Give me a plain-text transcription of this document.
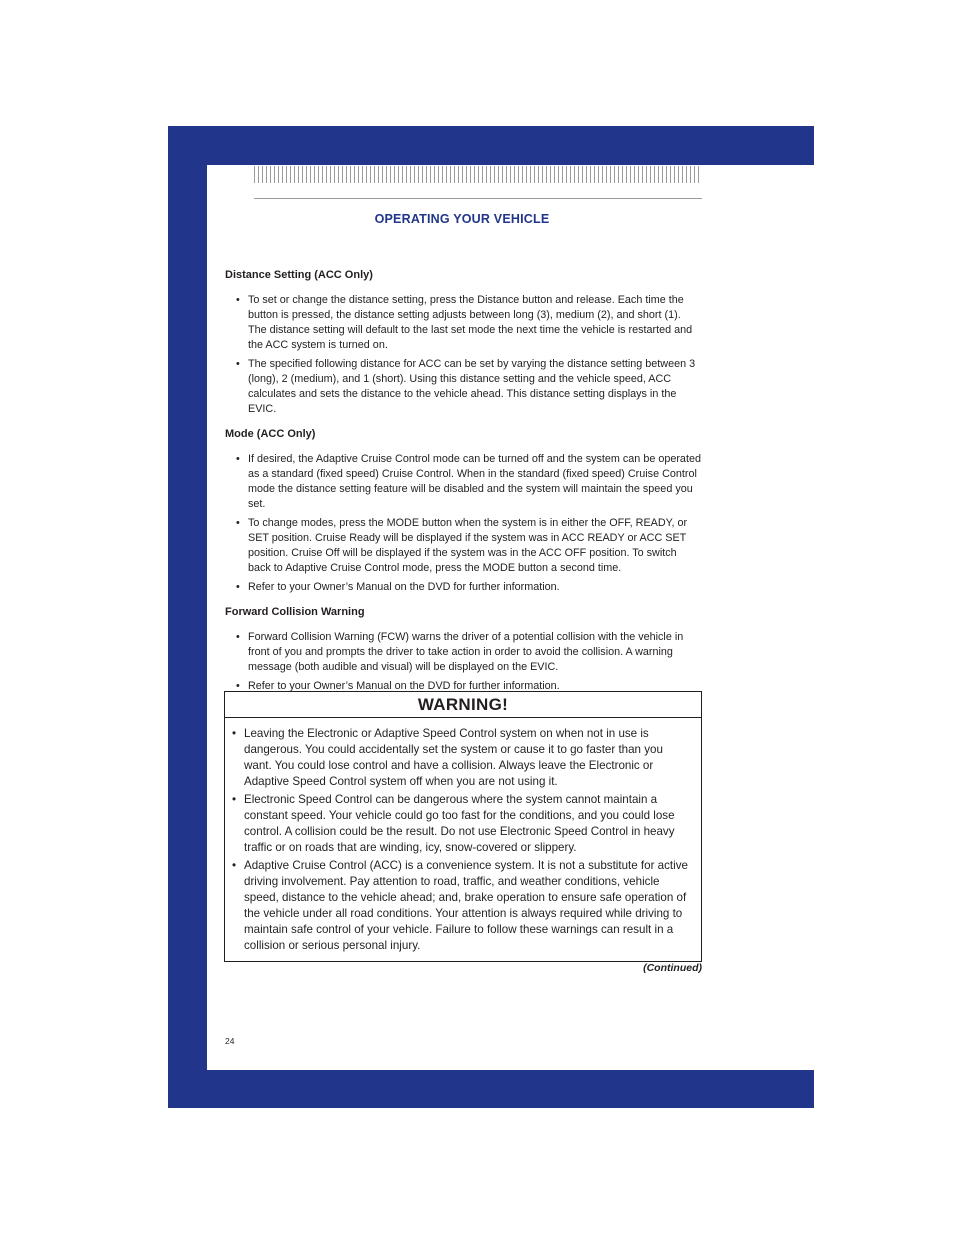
OPERATING YOUR VEHICLE

Distance Setting (ACC Only)

• To set or change the distance setting, press the Distance button and release. Each time the button is pressed, the distance setting adjusts between long (3), medium (2), and short (1). The distance setting will default to the last set mode the next time the vehicle is restarted and the ACC system is turned on.
• The specified following distance for ACC can be set by varying the distance setting between 3 (long), 2 (medium), and 1 (short). Using this distance setting and the vehicle speed, ACC calculates and sets the distance to the vehicle ahead. This distance setting displays in the EVIC.

Mode (ACC Only)

• If desired, the Adaptive Cruise Control mode can be turned off and the system can be operated as a standard (fixed speed) Cruise Control. When in the standard (fixed speed) Cruise Control mode the distance setting feature will be disabled and the system will maintain the speed you set.
• To change modes, press the MODE button when the system is in either the OFF, READY, or SET position. Cruise Ready will be displayed if the system was in ACC READY or ACC SET position. Cruise Off will be displayed if the system was in the ACC OFF position. To switch back to Adaptive Cruise Control mode, press the MODE button a second time.
• Refer to your Owner’s Manual on the DVD for further information.

Forward Collision Warning

• Forward Collision Warning (FCW) warns the driver of a potential collision with the vehicle in front of you and prompts the driver to take action in order to avoid the collision. A warning message (both audible and visual) will be displayed on the EVIC.
• Refer to your Owner’s Manual on the DVD for further information.
WARNING!
• Leaving the Electronic or Adaptive Speed Control system on when not in use is dangerous. You could accidentally set the system or cause it to go faster than you want. You could lose control and have a collision. Always leave the Electronic or Adaptive Speed Control system off when you are not using it.
• Electronic Speed Control can be dangerous where the system cannot maintain a constant speed. Your vehicle could go too fast for the conditions, and you could lose control. A collision could be the result. Do not use Electronic Speed Control in heavy traffic or on roads that are winding, icy, snow-covered or slippery.
• Adaptive Cruise Control (ACC) is a convenience system. It is not a substitute for active driving involvement. Pay attention to road, traffic, and weather conditions, vehicle speed, distance to the vehicle ahead; and, brake operation to ensure safe operation of the vehicle under all road conditions. Your attention is always required while driving to maintain safe control of your vehicle. Failure to follow these warnings can result in a collision or serious personal injury.
(Continued)
24
